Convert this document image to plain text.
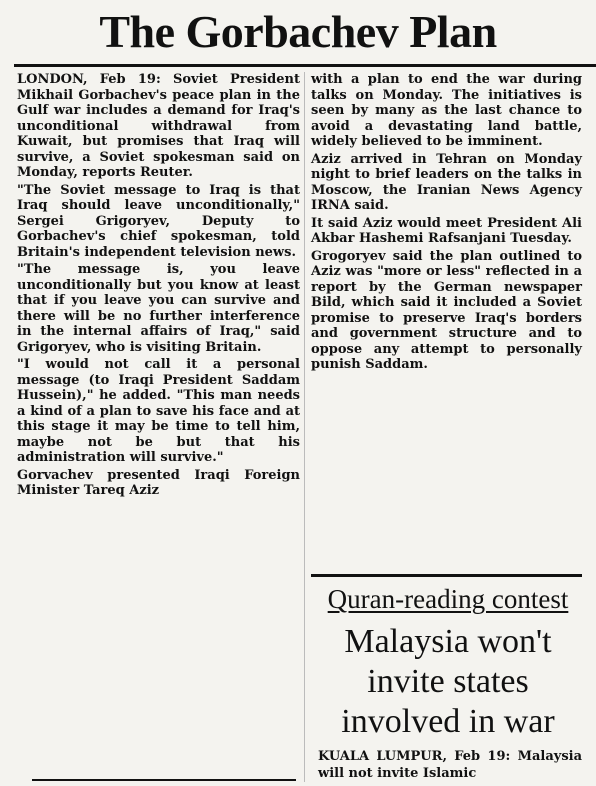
The Gorbachev Plan

LONDON, Feb 19: Soviet President Mikhail Gorbachev's peace plan in the Gulf war includes a demand for Iraq's unconditional withdrawal from Kuwait, but promises that Iraq will survive, a Soviet spokesman said on Monday, reports Reuter.

"The Soviet message to Iraq is that Iraq should leave unconditionally," Sergei Grigoryev, Deputy to Gorbachev's chief spokesman, told Britain's independent television news.

"The message is, you leave unconditionally but you know at least that if you leave you can survive and there will be no further interference in the internal affairs of Iraq," said Grigoryev, who is visiting Britain.

"I would not call it a personal message (to Iraqi President Saddam Hussein)," he added. "This man needs a kind of a plan to save his face and at this stage it may be time to tell him, maybe not be but that his administration will survive."

Gorvachev presented Iraqi Foreign Minister Tareq Aziz

with a plan to end the war during talks on Monday. The initiatives is seen by many as the last chance to avoid a devastating land battle, widely believed to be imminent.

Aziz arrived in Tehran on Monday night to brief leaders on the talks in Moscow, the Iranian News Agency IRNA said.

It said Aziz would meet President Ali Akbar Hashemi Rafsanjani Tuesday.

Grogoryev said the plan outlined to Aziz was "more or less" reflected in a report by the German newspaper Bild, which said it included a Soviet promise to preserve Iraq's borders and government structure and to oppose any attempt to personally punish Saddam.

Quran-reading contest
Malaysia won't invite states involved in war
KUALA LUMPUR, Feb 19: Malaysia will not invite Islamic
